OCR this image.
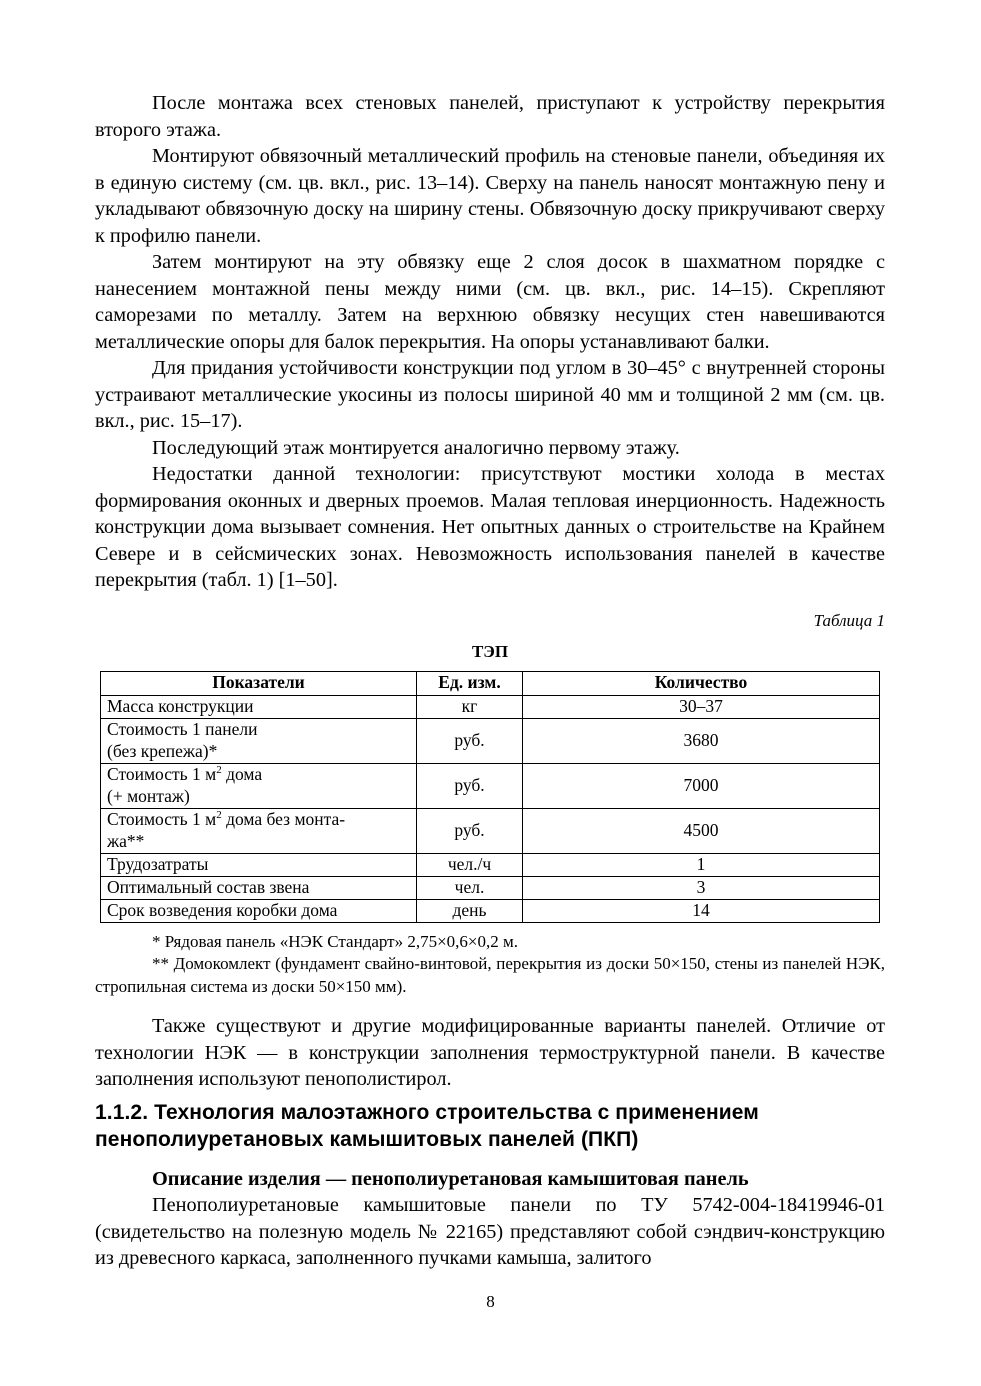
После монтажа всех стеновых панелей, приступают к устройству перекрытия второго этажа.

Монтируют обвязочный металлический профиль на стеновые панели, объединяя их в единую систему (см. цв. вкл., рис. 13–14). Сверху на панель наносят монтажную пену и укладывают обвязочную доску на ширину стены. Обвязочную доску прикручивают сверху к профилю панели.

Затем монтируют на эту обвязку еще 2 слоя досок в шахматном порядке с нанесением монтажной пены между ними (см. цв. вкл., рис. 14–15). Скрепляют саморезами по металлу. Затем на верхнюю обвязку несущих стен навешиваются металлические опоры для балок перекрытия. На опоры устанавливают балки.

Для придания устойчивости конструкции под углом в 30–45° с внутренней стороны устраивают металлические укосины из полосы шириной 40 мм и толщиной 2 мм (см. цв. вкл., рис. 15–17).

Последующий этаж монтируется аналогично первому этажу.

Недостатки данной технологии: присутствуют мостики холода в местах формирования оконных и дверных проемов. Малая тепловая инерционность. Надежность конструкции дома вызывает сомнения. Нет опытных данных о строительстве на Крайнем Севере и в сейсмических зонах. Невозможность использования панелей в качестве перекрытия (табл. 1) [1–50].

Таблица 1

ТЭП

Показатели	Ед. изм.	Количество
Масса конструкции	кг	30–37
Стоимость 1 панели
(без крепежа)*	руб.	3680
Стоимость 1 $м^2$ дома
(+ монтаж)	руб.	7000
Стоимость 1 $м^2$ дома без монта-
жа**	руб.	4500
Трудозатраты	чел./ч	1
Оптимальный состав звена	чел.	3
Срок возведения коробки дома	день	14

* Рядовая панель «НЭК Стандарт» 2,75×0,6×0,2 м.

** Домокомлект (фундамент свайно-винтовой, перекрытия из доски 50×150, стены из панелей НЭК, стропильная система из доски 50×150 мм).

Также существуют и другие модифицированные варианты панелей. Отличие от технологии НЭК — в конструкции заполнения термоструктурной панели. В качестве заполнения используют пенополистирол.

1.1.2. Технология малоэтажного строительства с применением
пенополиуретановых камышитовых панелей (ПКП)
Описание изделия — пенополиуретановая камышитовая панель

Пенополиуретановые камышитовые панели по ТУ 5742-004-18419946-01 (свидетельство на полезную модель № 22165) представляют собой сэндвич-конструкцию из древесного каркаса, заполненного пучками камыша, залитого

8
